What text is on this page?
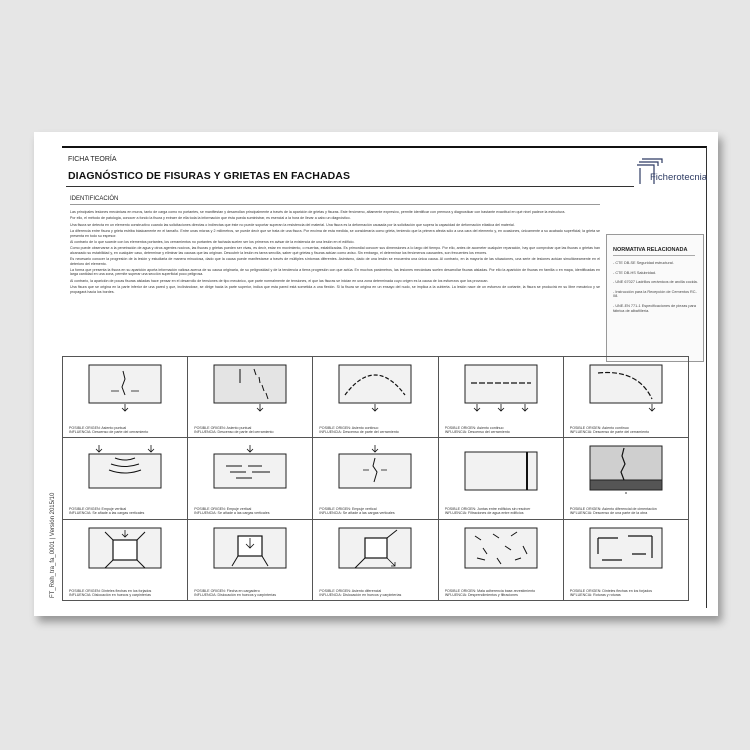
FT_Reh_tra_fa_0001 | Versión 2015/10
FICHA TEORÍA
DIAGNÓSTICO DE FISURAS Y GRIETAS EN FACHADAS	Ficherotecnia
IDENTIFICACIÓN

Las principales lesiones mecánicas en muros, tanto de carga como no portantes, se manifiestan y desarrollan principalmente a través de la aparición de grietas y fisuras. Este fenómeno, altamente expresivo, permite identificar con premura y diagnosticar con bastante exactitud en qué nivel padece la estructura.

Por ello, el método de patología, conocer a fondo la fisura y extraer de ella toda la información que ésta pueda suministrar, es esencial a la hora de llevar a cabo un diagnóstico.

Una fisura se detecta en un elemento constructivo cuando las solicitaciones directas o indirectas que éste no puede soportar superan la resistencia del material. Una fisura es la deformación causada por la solicitación que supera la capacidad de deformación elástica del material.

La diferencia entre fisura y grieta estriba básicamente en el tamaño. Entre unas micras y 2 milímetros, se puede decir que se trata de una fisura. Por encima de esta medida, se consideraría como grieta, teniendo que la primera afecta sólo a una cara del elemento y, en ocasiones, únicamente a su acabado superficial; la grieta se presenta en todo su espesor.

Al contrario de lo que sucede con los elementos portantes, los cerramientos no portantes de fachada suelen ser los primeros en avisar de la existencia de una lesión en el edificio.

Como puede observarse a la penetración de agua y otros agentes nocivos, las fisuras y grietas pueden ser vivas, es decir, estar en movimiento, o muertas, estabilizadas. Es primordial conocer sus dimensiones a lo largo del tiempo. Por ello, antes de acometer cualquier reparación, hay que comprobar que las fisuras o grietas han alcanzado su estabilidad y, en cualquier caso, determinar y eliminar las causas que las originan. Descubrir la lesión es tarea sencilla, saber qué grietas y fisuras actúan como aviso. Sin embargo, el determinar los fenómenos causantes, son frecuentes los errores.

Es necesario conocer la progresión de la lesión y estudiarla de manera minuciosa, dado que la causa puede manifestarse a través de múltiples síntomas diferentes. Asimismo, dado de una lesión se encuentra una única causa. Al contrario, en la mayoría de las situaciones, una serie de lesiones actúan simultáneamente en el deterioro del elemento.

La forma que presenta la fisura en su aparición aporta información valiosa acerca de su causa originaria, de su peligrosidad y de la tendencia a tierra progresión con que actúa. En muchos parámetros, las lesiones mecánicas suelen desarrollar fisuras aisladas. Por ello la aparición de fisuras en familia o en mapa, identificadas en larga cantidad en una zona, permite superar una sección superficial poco peligrosa.

Al contrario, la aparición de pocas fisuras aisladas hace pensar en el desarrollo de tensiones de tipo mecánico, que parte normalmente de tensiones, el que las fisuras se inician en una zona determinada cuyo origen es la causa de los esfuerzos que los provocan.

Una fisura que se origina en la parte inferior de una pared y que, inclinándose, se dirige hacia la parte superior, indica que esta pared está sometida a una flexión. Si la fisura se origina en un ensayo del nudo, se implica a la cubierta. La lesión nace de un esfuerzo de cortante, la fisura se producirá en su libre mecánico y se propagará hacia los bordes.

NORMATIVA RELACIONADA
- CTE DB-SE Seguridad estructural.
- CTE DB-HS Salubridad.
- UNE 67027 Ladrillos cerámicos de arcilla cocida.
- Instrucción para la Recepción de Cementos RC-08.
- UNE-EN 771-1 Especificaciones de piezas para fábrica de albañilería.
POSIBLE ORIGEN: Asiento puntual
INFLUENCIA: Descenso de parte del cerramiento
POSIBLE ORIGEN: Asiento puntual
INFLUENCIA: Descenso de parte del cerramiento
POSIBLE ORIGEN: Asiento continuo
INFLUENCIA: Descenso de parte del cerramiento
POSIBLE ORIGEN: Asiento continuo
INFLUENCIA: Descenso del cerramiento
POSIBLE ORIGEN: Asiento continuo
INFLUENCIA: Descenso de parte del cerramiento
POSIBLE ORIGEN: Empuje vertical
INFLUENCIA: Se añade a las cargas verticales
POSIBLE ORIGEN: Empuje vertical
INFLUENCIA: Se añade a las cargas verticales
POSIBLE ORIGEN: Empuje vertical
INFLUENCIA: Se añade a las cargas verticales
POSIBLE ORIGEN: Juntas entre edificios sin resolver
INFLUENCIA: Filtraciones de agua entre edificios
POSIBLE ORIGEN: Asiento diferencial de cimentación
INFLUENCIA: Descenso de una parte de la obra
POSIBLE ORIGEN: Dinteles flechas en los forjados
INFLUENCIA: Dislocación en huecos y carpinterías
POSIBLE ORIGEN: Flecha en cargadero
INFLUENCIA: Dislocación en huecos y carpinterías
POSIBLE ORIGEN: Asiento diferencial
INFLUENCIA: Dislocación en huecos y carpinterías
POSIBLE ORIGEN: Mala adherencia base-revestimiento
INFLUENCIA: Desprendimientos y filtraciones
POSIBLE ORIGEN: Dinteles flechas en los forjados
INFLUENCIA: Roturas y roturas
